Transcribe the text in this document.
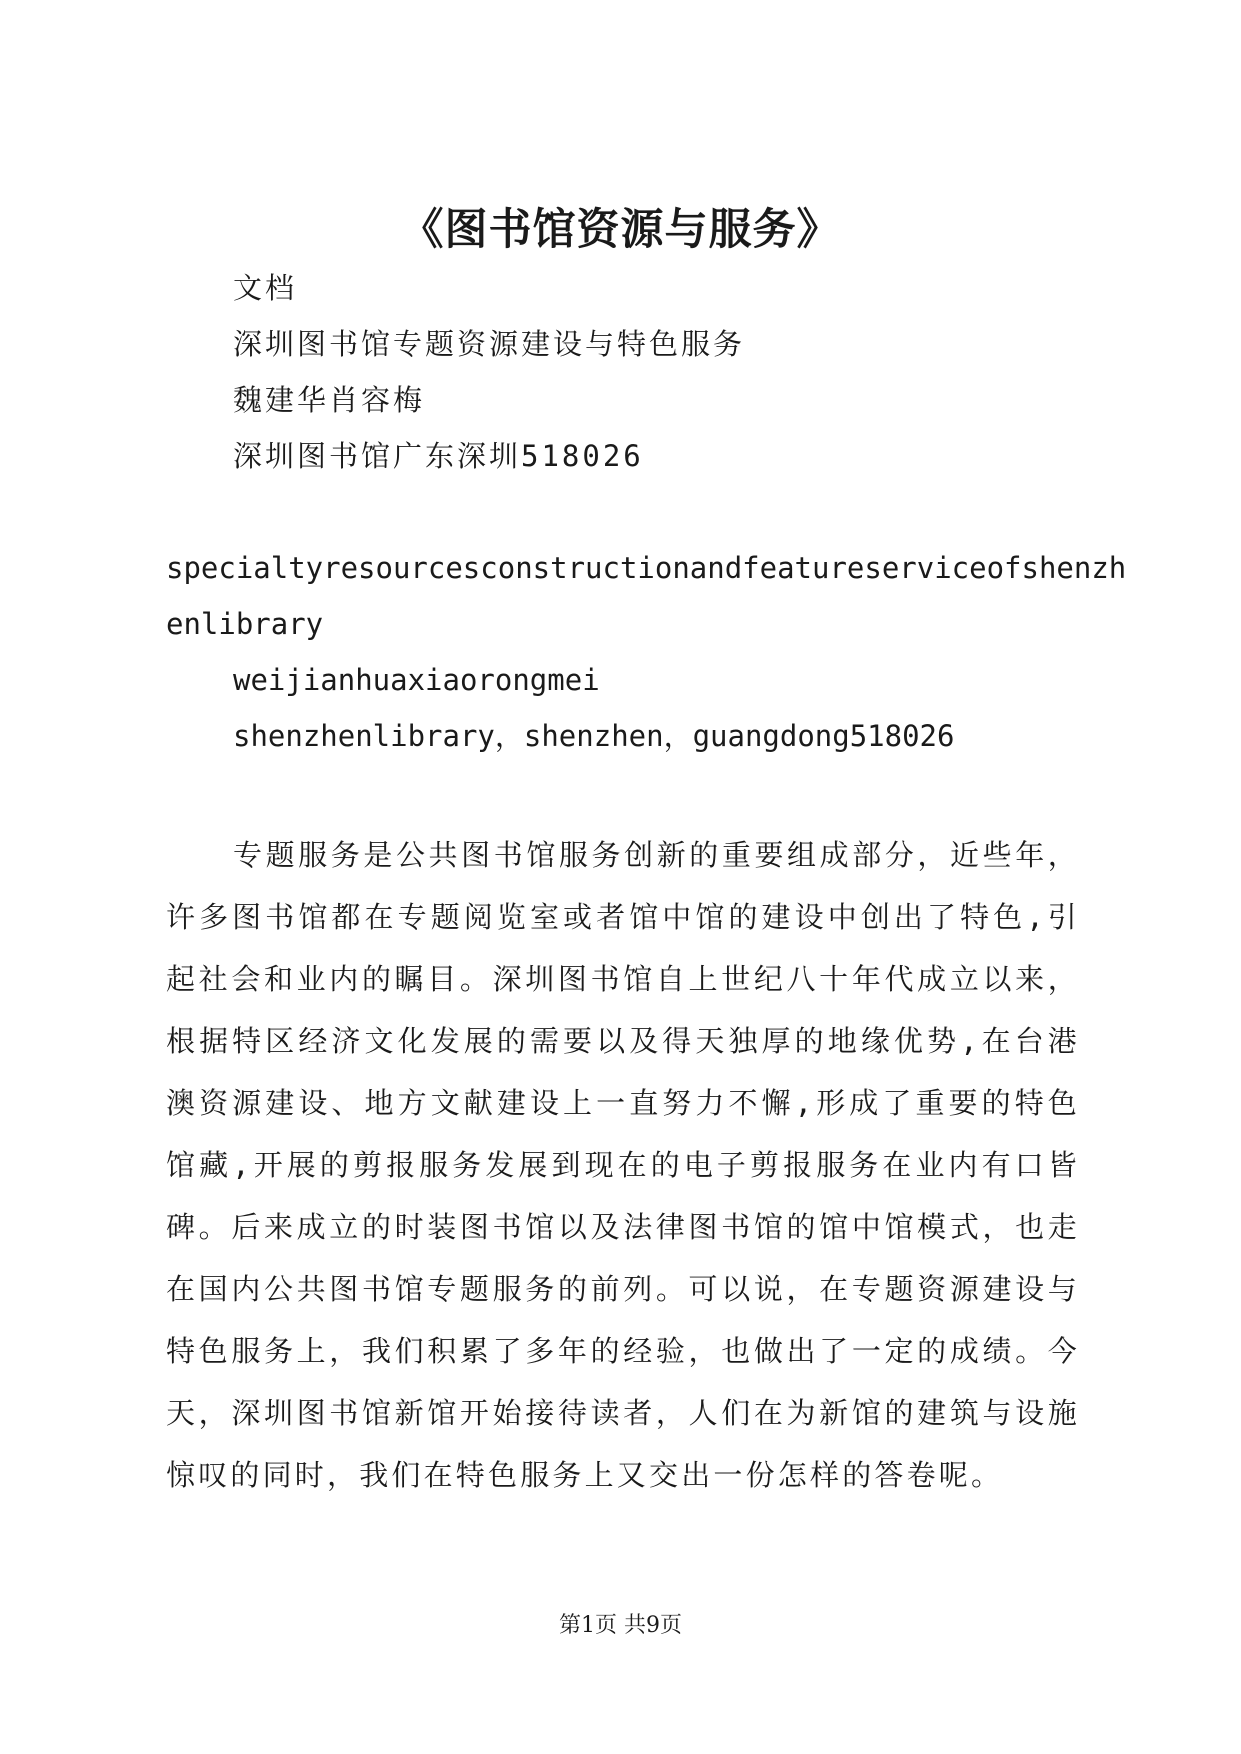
《图书馆资源与服务》
文档
深圳图书馆专题资源建设与特色服务
魏建华肖容梅
深圳图书馆广东深圳518026
specialtyresourcesconstructionandfeatureserviceofshenzh
enlibrary
weijianhuaxiaorongmei
shenzhenlibrary，shenzhen，guangdong518026

专题服务是公共图书馆服务创新的重要组成部分，近些年，许多图书馆都在专题阅览室或者馆中馆的建设中创出了特色,引起社会和业内的瞩目。深圳图书馆自上世纪八十年代成立以来，根据特区经济文化发展的需要以及得天独厚的地缘优势,在台港澳资源建设、地方文献建设上一直努力不懈,形成了重要的特色馆藏,开展的剪报服务发展到现在的电子剪报服务在业内有口皆碑。后来成立的时装图书馆以及法律图书馆的馆中馆模式，也走在国内公共图书馆专题服务的前列。可以说，在专题资源建设与特色服务上，我们积累了多年的经验，也做出了一定的成绩。今天，深圳图书馆新馆开始接待读者，人们在为新馆的建筑与设施惊叹的同时，我们在特色服务上又交出一份怎样的答卷呢。

第1页 共9页
